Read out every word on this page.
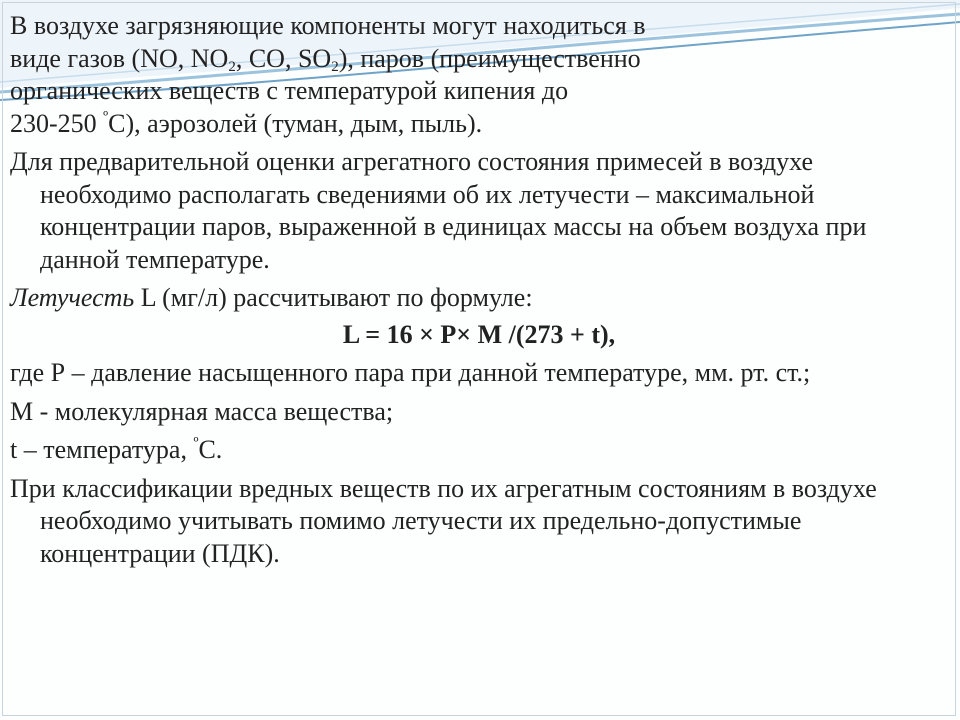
В воздухе загрязняющие компоненты могут находиться в

виде газов (NO, $NO_2$, CO, $SO_2$), паров (преимущественно

органических веществ с температурой кипения до

230-250 $^º$С), аэрозолей (туман, дым, пыль).

Для предварительной оценки агрегатного состояния примесей в воздухе необходимо располагать сведениями об их летучести – максимальной концентрации паров, выраженной в единицах массы на объем воздуха при данной температуре.

Летучесть L (мг/л) рассчитывают по формуле:

L = 16 × P× M /(273 + t),

где Р – давление насыщенного пара при данной температуре, мм. рт. ст.;

M - молекулярная масса вещества;

t – температура, $^º$С.

При классификации вредных веществ по их агрегатным состояниям в воздухе необходимо учитывать помимо летучести их предельно-допустимые концентрации (ПДК).
